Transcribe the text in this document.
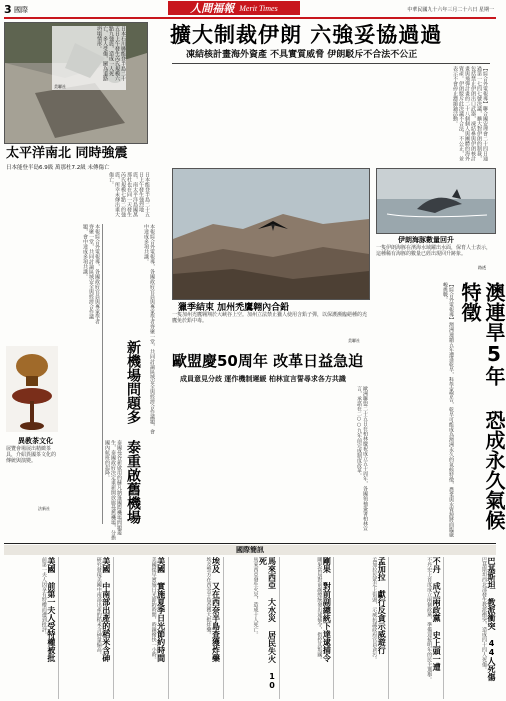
3 國際	人間福報 Merit Times	中華民國九十六年三月二十六日 星期一
擴大制裁伊朗 六強妥協過過
凍結核計畫海外資產 不具實質威脅 伊朗駁斥不合法不公正
【綜合外電報導】聯合國安理會二十四日通過第一七四七號決議，擴大對伊朗的制裁，包括禁止伊朗出口武器，凍結參與伊朗核計畫與飛彈計畫的二十八個個人與團體的海外資產。伊朗駁斥此決議不合法、不公正，並表示不會停止濃縮鈾活動。
日本石川縣能登半島二十五日上午發生芮氏規模六點九強震，造成一人死亡、多人受傷，圖為道路坍塌情形。
美聯社
太平洋南北 同時強震
日本能登半島6.9級 萬那杜7.2級 未傳傷亡
日本能登半島二十五日上午發生強烈地震，南太平洋島國萬那杜也在同一天發生芮氏規模七點二的強震，所幸未傳出重大傷亡。
本報綜合外電報導，各國政府官員與專家學者齊聚一堂，共同討論區域安全與經濟合作議題，會中達成多項共識。	本報綜合外電報導，各國政府官員與專家學者齊聚一堂，共同討論區域安全與經濟合作議題，會中達成多項共識。
獵季結束 加州禿鷹翱內合鉛
一隻加州禿鷹翱翔於大峽谷上空。加州立法禁止獵人使用含鉛子彈，以保護瀕臨絕種的禿鷹免於鉛中毒。
美聯社
伊朗海豚數量回升
一隻伊朗海豚在濱海水域躍出水面，保育人士表示，這種稀有海豚的數量已經出現回升跡象。
路透
澳連旱5年 恐成永久氣候特徵
【綜合外電報導】澳洲連續五年遭逢乾旱，科學家警告，乾旱可能成為澳洲永久的氣候特徵，農業與水資源將面臨嚴峻挑戰。
歐盟慶50周年 改革日益急迫
成員意見分歧 運作機制遲緩 柏林宣言誓尋求各方共識
歐洲聯盟二十五日在柏林慶祝成立五十周年，各國領袖簽署柏林宣言，承諾在二○○九年前完成制度改革。
新機場問題多 泰重啟舊機場
泰國曼谷新啟用的蘇凡納蓬國際機場問題叢生，泰國政府決定重新開放廊曼舊機場，分擔國內航班的起降。
異教茶文化
展覽會場展出精緻茶具，介紹異國茶文化的傳統與演變。
法新社
國際簡訊
巴基斯坦 教派衝突 44人死傷
巴基斯坦西北部發生教派衝突，造成四十四人死傷。
不丹 成立兩政黨 史上頭一遭
不丹史上首度成立兩個政黨，準備迎接明年的民主選舉。
孟加拉 獻行反貪示威遊行
孟加拉民眾走上街頭，示威抗議政府官員貪污。
剛果 對前副總統下達逮捕令
剛果當局對前副總統發出逮捕令，指控其叛國。
馬來西亞 大水災 居民失火 10死
馬來西亞發生火災，造成十人死亡。
埃及 又在西奈半島查獲炸藥
埃及警方在西奈半島查獲大批炸藥。
美國 實施夏季日光節約時間
美國提早實施日光節約時間，時鐘撥快一小時。
美國 中南部出產的稻米含砷
研究發現美國中南部出產的稻米含砷量偏高。
美國 前第一夫人受特權被批
前第一夫人因享有特權而遭到批評。
